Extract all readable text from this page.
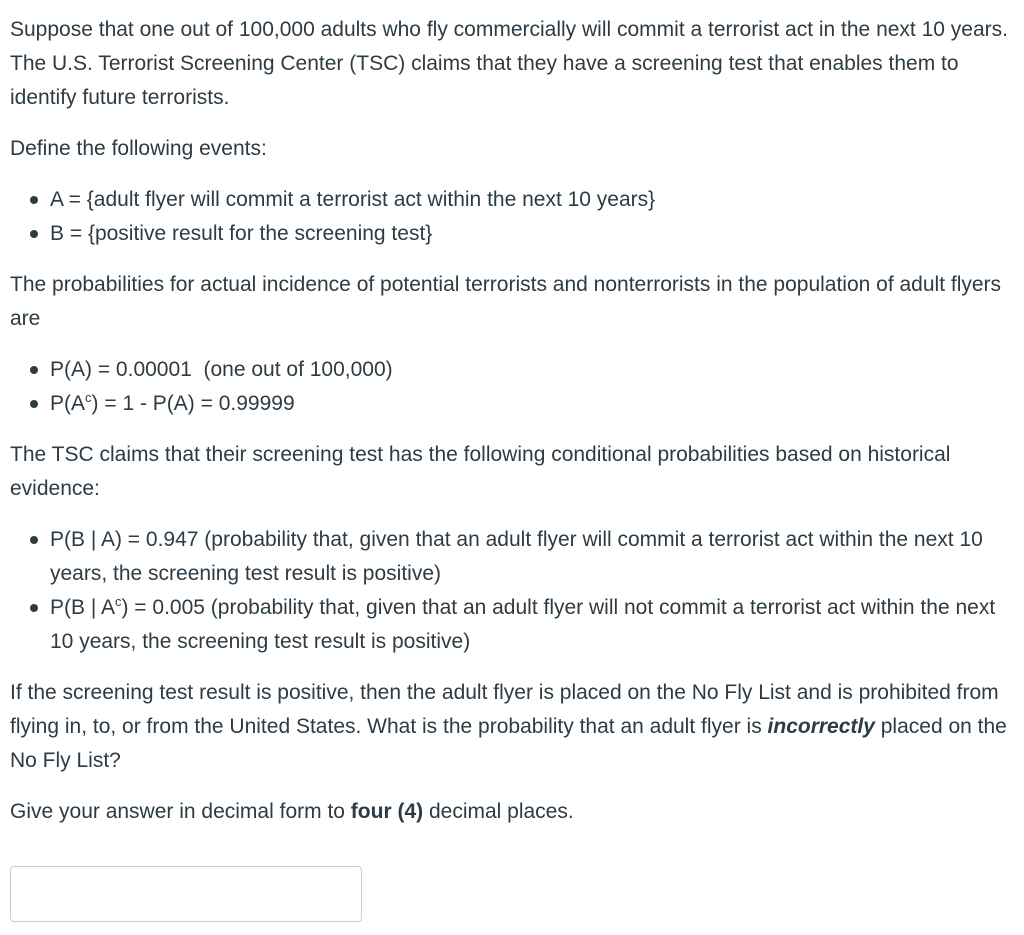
Suppose that one out of 100,000 adults who fly commercially will commit a terrorist act in the next 10 years. The U.S. Terrorist Screening Center (TSC) claims that they have a screening test that enables them to identify future terrorists.

Define the following events:

A = {adult flyer will commit a terrorist act within the next 10 years}
B = {positive result for the screening test}

The probabilities for actual incidence of potential terrorists and nonterrorists in the population of adult flyers are

P(A) = 0.00001  (one out of 100,000)
$P(A^c) = 1 - P(A) = 0.99999$

The TSC claims that their screening test has the following conditional probabilities based on historical evidence:

P(B | A) = 0.947 (probability that, given that an adult flyer will commit a terrorist act within the next 10 years, the screening test result is positive)
P(B | $A^c) = 0.005$ (probability that, given that an adult flyer will not commit a terrorist act within the next 10 years, the screening test result is positive)

If the screening test result is positive, then the adult flyer is placed on the No Fly List and is prohibited from flying in, to, or from the United States. What is the probability that an adult flyer is incorrectly placed on the No Fly List?

Give your answer in decimal form to four (4) decimal places.
